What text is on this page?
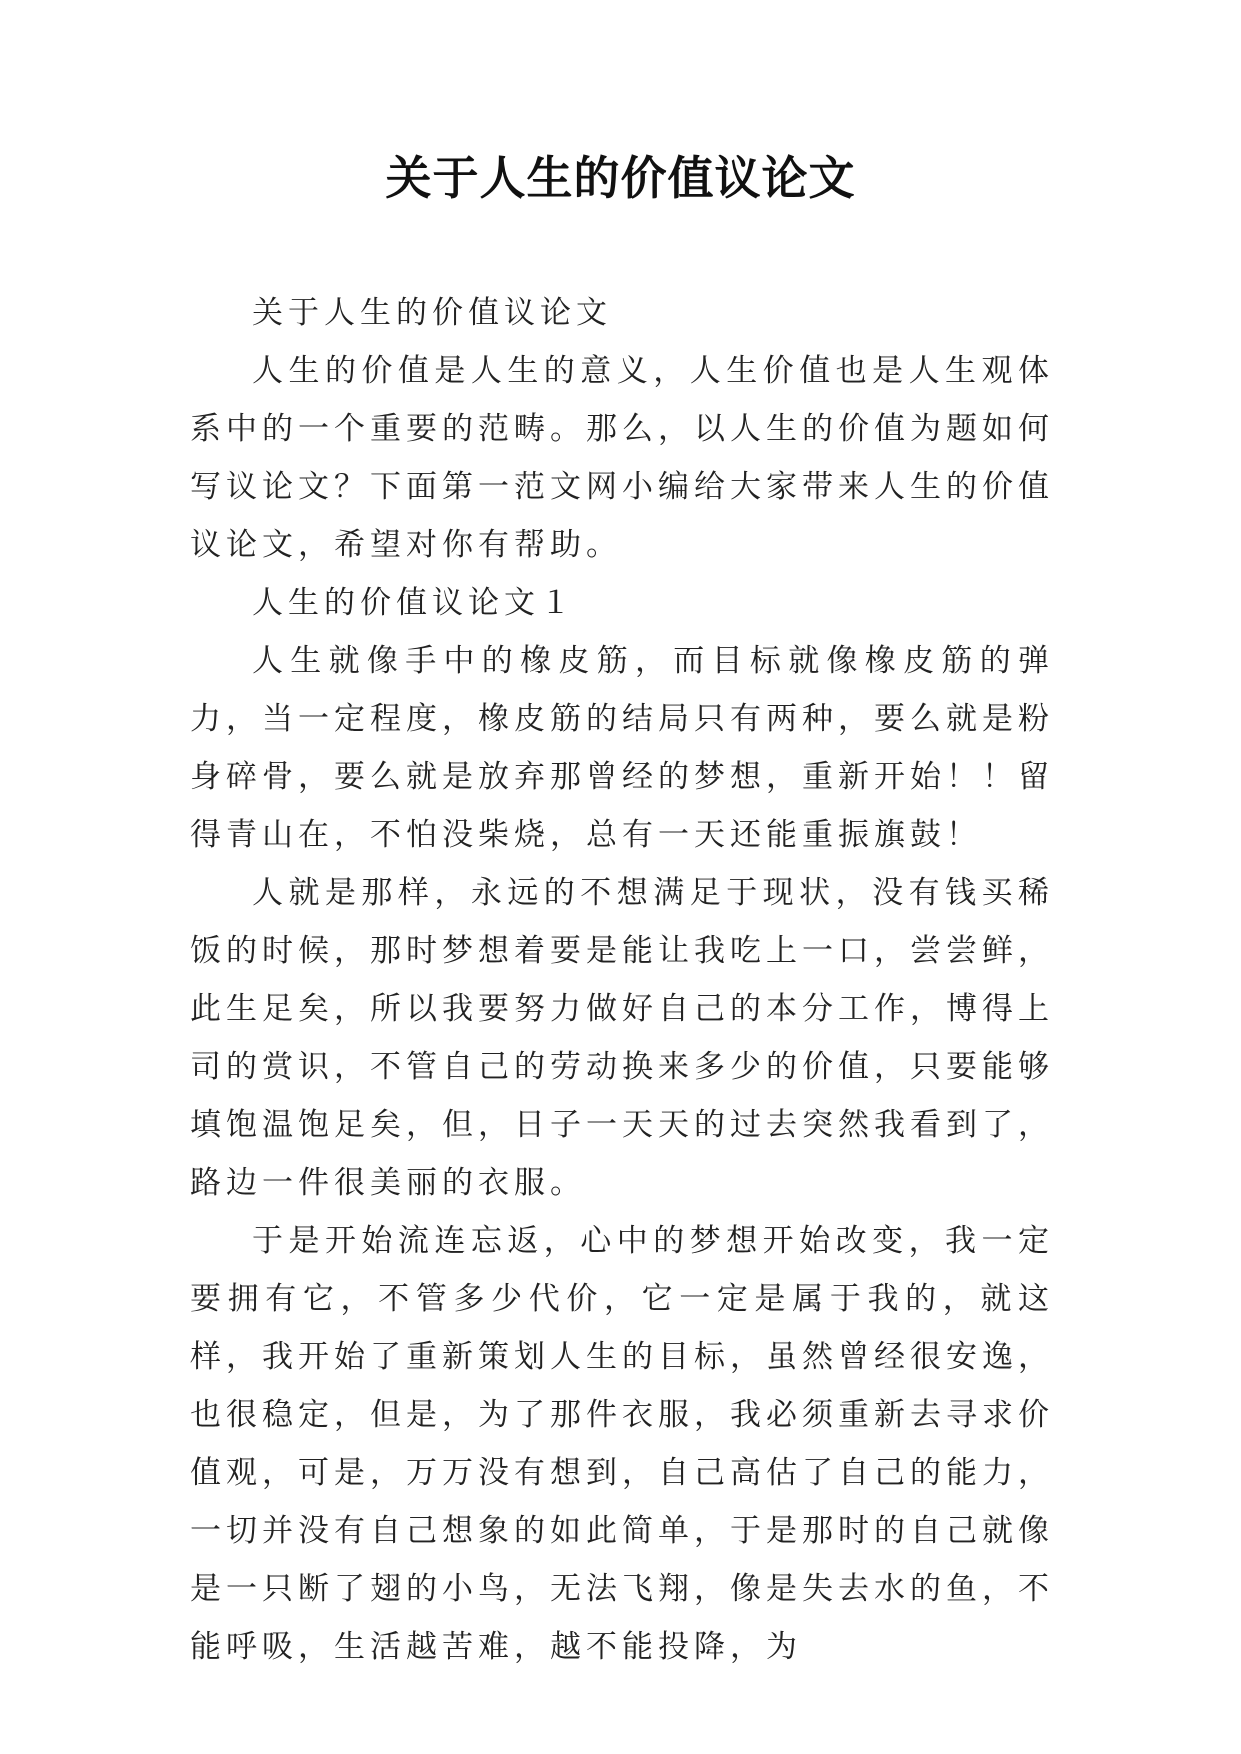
关于人生的价值议论文

关于人生的价值议论文

人生的价值是人生的意义，人生价值也是人生观体系中的一个重要的范畴。那么，以人生的价值为题如何写议论文？下面第一范文网小编给大家带来人生的价值议论文，希望对你有帮助。

人生的价值议论文１

人生就像手中的橡皮筋，而目标就像橡皮筋的弹力，当一定程度，橡皮筋的结局只有两种，要么就是粉身碎骨，要么就是放弃那曾经的梦想，重新开始！！留得青山在，不怕没柴烧，总有一天还能重振旗鼓！

人就是那样，永远的不想满足于现状，没有钱买稀饭的时候，那时梦想着要是能让我吃上一口，尝尝鲜，此生足矣，所以我要努力做好自己的本分工作，博得上司的赏识，不管自己的劳动换来多少的价值，只要能够填饱温饱足矣，但，日子一天天的过去突然我看到了，路边一件很美丽的衣服。

于是开始流连忘返，心中的梦想开始改变，我一定要拥有它，不管多少代价，它一定是属于我的，就这样，我开始了重新策划人生的目标，虽然曾经很安逸，也很稳定，但是，为了那件衣服，我必须重新去寻求价值观，可是，万万没有想到，自己高估了自己的能力，一切并没有自己想象的如此简单，于是那时的自己就像是一只断了翅的小鸟，无法飞翔，像是失去水的鱼，不能呼吸，生活越苦难，越不能投降，为
